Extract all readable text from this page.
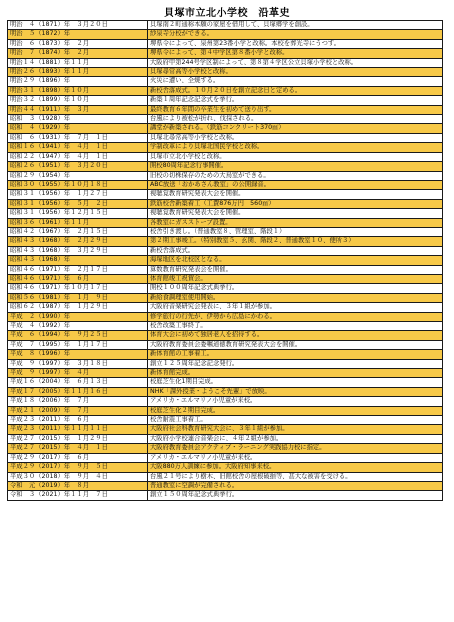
貝塚市立北小学校　沿革史
明治　４（1871）年　３月２０日	貝塚南２町通称本願の家屋を借用して、貝塚郷学を創設。
明治　５（1872）年	紗泉寺分校ができる。
明治　６（1873）年　２月	堺県令によって、泉州第23番小学と改称。本校を葬光寺にうつす。
明治　７（1874）年　２月	堺県令によって、第４中学区第８番小学と改称。
明治１４（1881）年１１月	大阪府甲第244号学区制によって、第８第４学区公立貝塚小学校と改称。
明治２６（1893）年１１月	貝塚尋常高等小学校と改称。
明治２９（1896）年	火災に遭い、全焼する。
明治３１（1898）年１０月	新校舎落成式。１０月２０日を創立記念日と定める。
明治３２（1899）年１０月	新築１周年記念記念式を挙行。
明治４４（1911）年　３月	最終教育６年間の卒業生を初めて送り出す。
昭和　３（1928）年	台風により被松が折れ、伐採される。
昭和　４（1929）年	講堂が新築される。（鉄筋コンクリート370㎡）
昭和　６（1931）年　７月　１日	貝塚北尋常高等小学校と改称。
昭和１６（1941）年　４月　１日	学制改革により貝塚北国民学校と改称。
昭和２２（1947）年　４月　１日	貝塚市立北小学校と改称。
昭和２６（1951）年　３月２０日	開校80周年記念行事開催。
昭和２９（1954）年	旧校の切株保存のための大鳥室ができる。
昭和３０（1955）年１０月１８日	ABC放送「おかあさん教室」の公開録音。
昭和３１（1956）年　１月２７日	視聴覚教育研究発表大会を開催。
昭和３１（1956）年　５月　２日	鉄筋校舎新築着工（工費876万円　560㎡）
昭和３１（1956）年１２月１５日	視聴覚教育研究発表大会を開催。
昭和３６（1961）年１１月	各教室にガスストーブ設置。
昭和４２（1967）年　２月１５日	校舎引き渡し。（普通教室８、管理室、階段１）
昭和４３（1968）年　２月２９日	第２期工事竣工。（特別教室５、玄関、階段２、普通教室１０、便所３）
昭和４３（1968）年　３月２９日	新校舎落成式。
昭和４３（1968）年	海塚地区を北校区となる。
昭和４６（1971）年　２月１７日	算数教育研究発表会を開催。
昭和４６（1971）年　６月	体育館竣工祝賀会。
昭和４６（1971）年１０月１７日	開校１００周年記念式典挙行。
昭和５６（1981）年　１月　９日	新給食調理室使用開始。
昭和６２（1987）年　１月２９日	大阪府音楽研究会発表に、３年１組が参加。
平成　２（1990）年	修学旅行の行先が、伊勢から広島にかわる。
平成　４（1992）年	校舎改築工事終了。
平成　６（1994）年　９月２５日	体育大会に初めて独居老人を招待する。
平成　７（1995）年　１月１７日	大阪府教育委員会委嘱道徳教育研究発表大会を開催。
平成　８（1996）年	新体育館の工事着工。
平成　９（1997）年　３月１８日	創立１２５周年記念記念発行。
平成　９（1997）年　４月	新体育館完成。
平成１６（2004）年　６月１３日	校庭芝生化1期目完成。
平成１７（2005）年１１月１６日	NHK「課外授業・ようこそ先輩」で放映。
平成１８（2006）年　７月	アメリカ・エルマリノ小児童が来校。
平成２１（2009）年　７月	校庭芝生化２期目完成。
平成２３（2011）年　６月	校舎耐震工事着工。
平成２３（2011）年１１月１１日	大阪府社会科教育研究大会に、３年１組が参加。
平成２７（2015）年　１月２９日	大阪府小学校連合音楽会に、４年２組が参加。
平成２７（2015）年　４月　１日	大阪府教育委員会アクティブ・ラーニング実践協力校に指定。
平成２９（2017）年　６月	アメリカ・エルマリノ小児童が来校。
平成２９（2017）年　９月　５日	大阪880万人訓練に参加。大阪府知事来校。
平成３０（2018）年　９月　４日	台風２１号により樹木、旧館校舎の屋根破損等、甚大な被害を受ける。
令和　元（2019）年　８月	普通教室に空調が完備される。
令和　３（2021）年１１月　７日	創立１５０周年記念式典挙行。
